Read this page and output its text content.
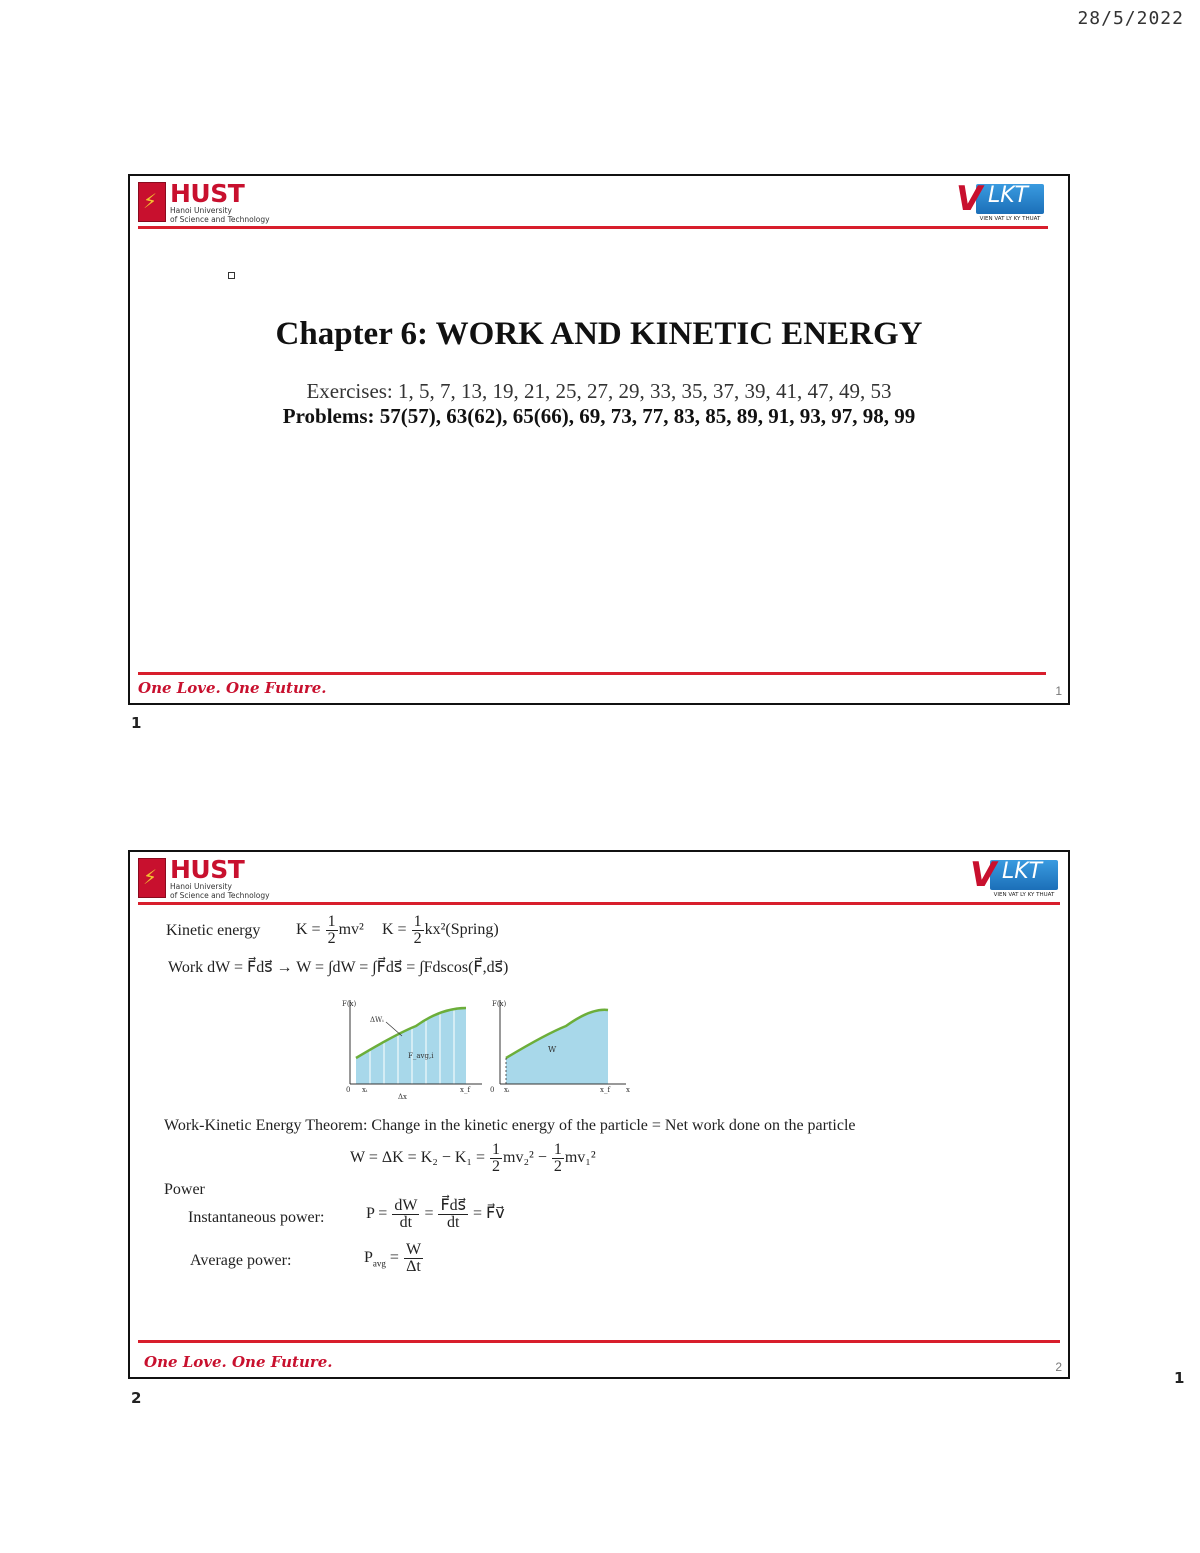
28/5/2022
⚡ HUST
Hanoi University
of Science and Technology
V LKT
VIEN VAT LY KY THUAT
Chapter 6: WORK AND KINETIC ENERGY
Exercises: 1, 5, 7, 13, 19, 21, 25, 27, 29, 33, 35, 37, 39, 41, 47, 49, 53
Problems: 57(57), 63(62), 65(66), 69, 73, 77, 83, 85, 89, 91, 93, 97, 98, 99
One Love. One Future.	1
1
⚡ HUST
Hanoi University
of Science and Technology
V LKT
VIEN VAT LY KY THUAT
Kinetic energy $K = \frac{1}{2} mv^2$ $K = \frac{1}{2}$ kx²(Spring)
Work dW = F⃗ds⃗ → W = ∫dW = ∫F⃗ds⃗ = ∫Fdscos(F⃗,ds⃗)
F(x)
ΔWᵢ
F_avg,i
0 xᵢ	x_f
Δx
F(x)
W
0 xᵢ	x_f x
Work-Kinetic Energy Theorem: Change in the kinetic energy of the particle = Net work done on the particle
$W = \Delta K = K_2 - K_1 = \frac{1}{2} mv_2^2 - \frac{1}{2} mv_1^2$
Power
Instantaneous power:	$P = \frac{dW}{dt} = \frac{F⃗ds⃗}{dt}$ = F⃗v⃗
Average power:	$P_{avg} = \frac{W}{\Delta t}$
One Love. One Future.	2
2
1
